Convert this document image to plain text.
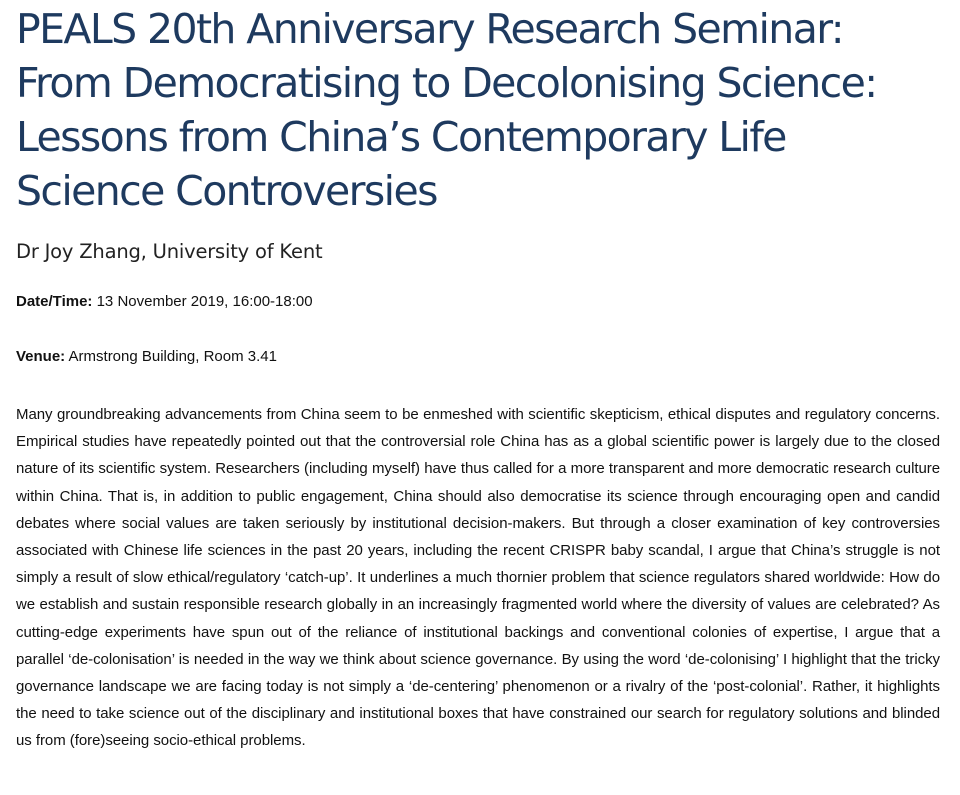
PEALS 20th Anniversary Research Seminar: From Democratising to Decolonising Science: Lessons from China’s Contemporary Life Science Controversies

Dr Joy Zhang, University of Kent

Date/Time: 13 November 2019, 16:00-18:00

Venue: Armstrong Building, Room 3.41

Many groundbreaking advancements from China seem to be enmeshed with scientific skepticism, ethical disputes and regulatory concerns. Empirical studies have repeatedly pointed out that the controversial role China has as a global scientific power is largely due to the closed nature of its scientific system. Researchers (including myself) have thus called for a more transparent and more democratic research culture within China. That is, in addition to public engagement, China should also democratise its science through encouraging open and candid debates where social values are taken seriously by institutional decision-makers. But through a closer examination of key controversies associated with Chinese life sciences in the past 20 years, including the recent CRISPR baby scandal, I argue that China’s struggle is not simply a result of slow ethical/regulatory ‘catch-up’. It underlines a much thornier problem that science regulators shared worldwide: How do we establish and sustain responsible research globally in an increasingly fragmented world where the diversity of values are celebrated? As cutting-edge experiments have spun out of the reliance of institutional backings and conventional colonies of expertise, I argue that a parallel ‘de-colonisation’ is needed in the way we think about science governance. By using the word ‘de-colonising’ I highlight that the tricky governance landscape we are facing today is not simply a ‘de-centering’ phenomenon or a rivalry of the ‘post-colonial’. Rather, it highlights the need to take science out of the disciplinary and institutional boxes that have constrained our search for regulatory solutions and blinded us from (fore)seeing socio-ethical problems.
